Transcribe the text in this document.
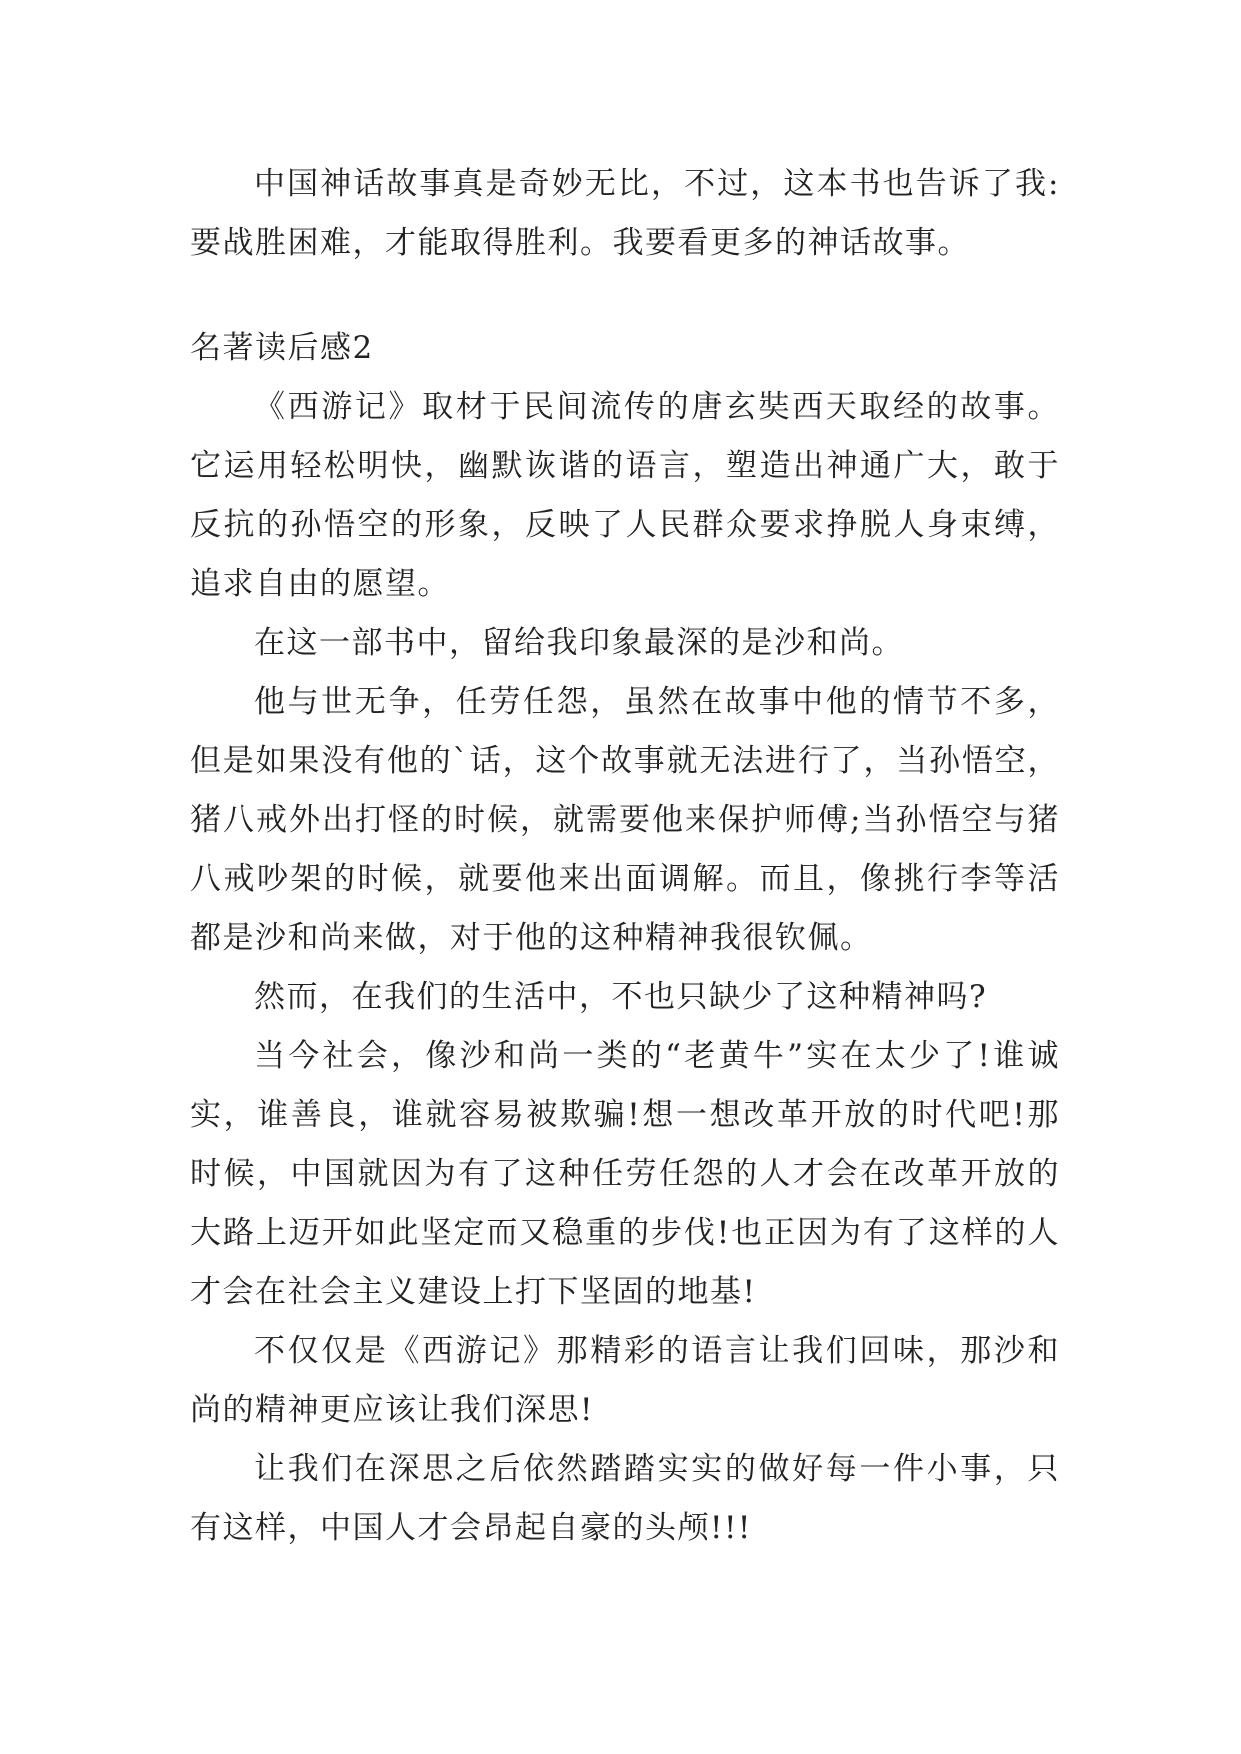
中国神话故事真是奇妙无比，不过，这本书也告诉了我:要战胜困难，才能取得胜利。我要看更多的神话故事。

名著读后感2

《西游记》取材于民间流传的唐玄奘西天取经的故事。它运用轻松明快，幽默诙谐的语言，塑造出神通广大，敢于反抗的孙悟空的形象，反映了人民群众要求挣脱人身束缚，追求自由的愿望。

在这一部书中，留给我印象最深的是沙和尚。

他与世无争，任劳任怨，虽然在故事中他的情节不多，但是如果没有他的`话，这个故事就无法进行了，当孙悟空，猪八戒外出打怪的时候，就需要他来保护师傅;当孙悟空与猪八戒吵架的时候，就要他来出面调解。而且，像挑行李等活都是沙和尚来做，对于他的这种精神我很钦佩。

然而，在我们的生活中，不也只缺少了这种精神吗?

当今社会，像沙和尚一类的“老黄牛”实在太少了!谁诚实，谁善良，谁就容易被欺骗!想一想改革开放的时代吧!那时候，中国就因为有了这种任劳任怨的人才会在改革开放的大路上迈开如此坚定而又稳重的步伐!也正因为有了这样的人才会在社会主义建设上打下坚固的地基!

不仅仅是《西游记》那精彩的语言让我们回味，那沙和尚的精神更应该让我们深思!

让我们在深思之后依然踏踏实实的做好每一件小事，只有这样，中国人才会昂起自豪的头颅!!!
